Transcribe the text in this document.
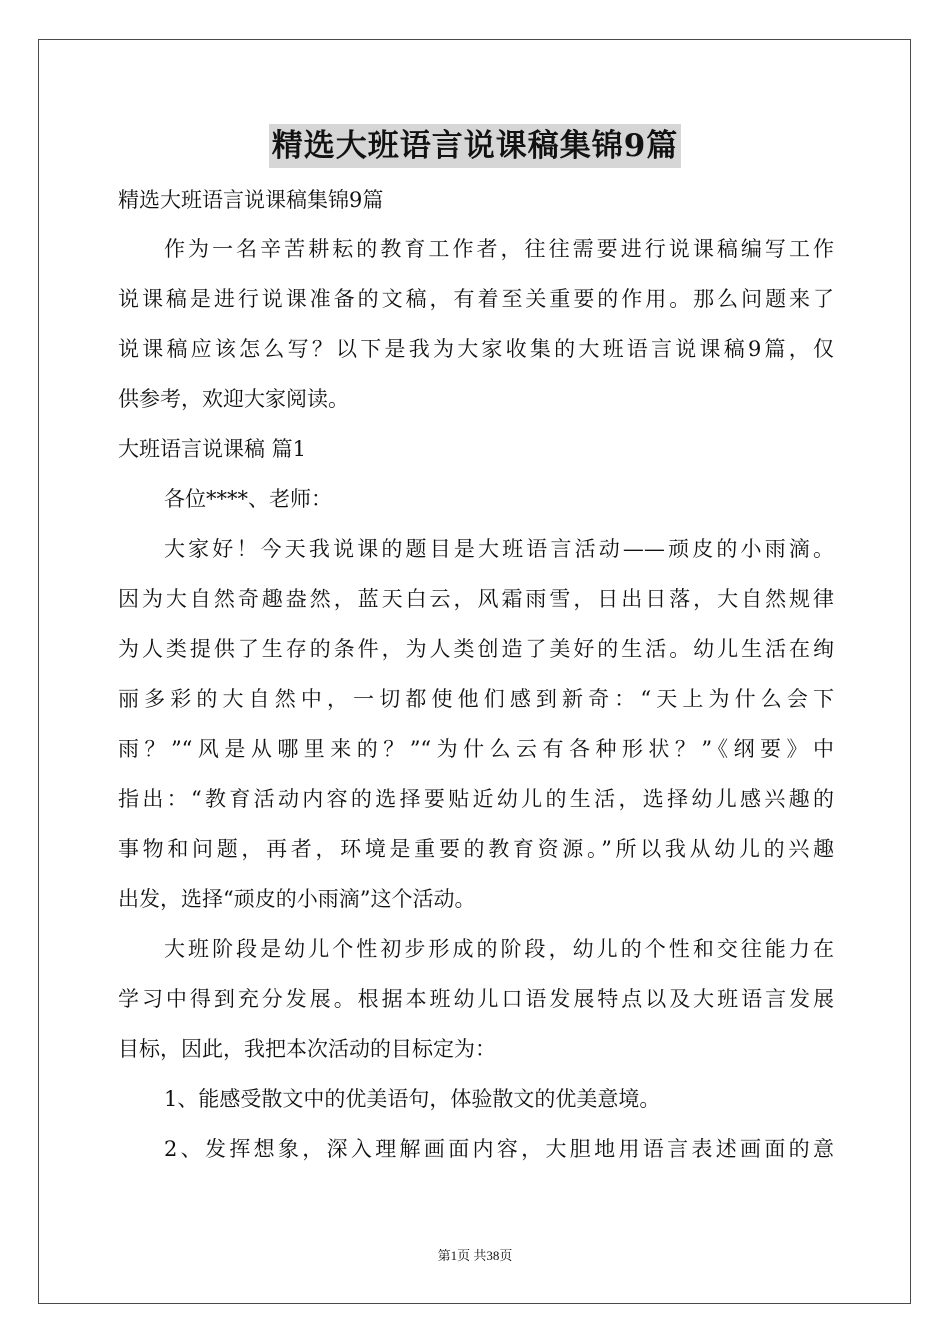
精选大班语言说课稿集锦9篇
精选大班语言说课稿集锦9篇
作为一名辛苦耕耘的教育工作者，往往需要进行说课稿编写工作
说课稿是进行说课准备的文稿，有着至关重要的作用。那么问题来了
说课稿应该怎么写？以下是我为大家收集的大班语言说课稿9篇，仅
供参考，欢迎大家阅读。
大班语言说课稿 篇1
各位****、老师：
大家好！今天我说课的题目是大班语言活动——顽皮的小雨滴。
因为大自然奇趣盎然，蓝天白云，风霜雨雪，日出日落，大自然规律
为人类提供了生存的条件，为人类创造了美好的生活。幼儿生活在绚
丽多彩的大自然中，一切都使他们感到新奇：“天上为什么会下
雨？”“风是从哪里来的？”“为什么云有各种形状？”《纲要》中
指出：“教育活动内容的选择要贴近幼儿的生活，选择幼儿感兴趣的
事物和问题，再者，环境是重要的教育资源。”所以我从幼儿的兴趣
出发，选择“顽皮的小雨滴”这个活动。
大班阶段是幼儿个性初步形成的阶段，幼儿的个性和交往能力在
学习中得到充分发展。根据本班幼儿口语发展特点以及大班语言发展
目标，因此，我把本次活动的目标定为：
1、能感受散文中的优美语句，体验散文的优美意境。
2、发挥想象，深入理解画面内容，大胆地用语言表述画面的意
第1页 共38页
